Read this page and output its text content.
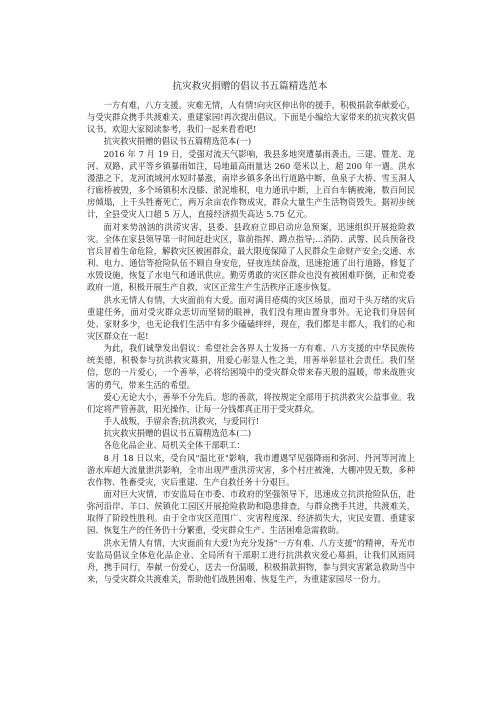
抗灾救灾捐赠的倡议书五篇精选范本

一方有难，八方支援。灾难无情，人有情!向灾区伸出你的援手，积极捐款奉献爱心，与受灾群众携手共渡难关、重建家园!再次提出倡议。下面是小编给大家带来的抗灾救灾倡议书，欢迎大家阅读参考，我们一起来看看吧!

抗灾救灾捐赠的倡议书五篇精选范本(一)

2016 年 7 月 19 日，受强对流天气影响，我县多地突遭暴雨袭击，三建、暨龙、龙河、双路、武平等乡镇暴雨如注，局地最高雨量达 260 毫米以上，超 200 年一遇。洪水漫漶之下，龙河流域河水短时暴涨，南岸乡镇多条出行道路中断，鱼泉子大桥、雪玉洞人行廊桥被毁，多个场镇积水没膝、淤泥堆积，电力通讯中断，上百台车辆被淹，数百间民房倾塌，上千头牲畜死亡，两万余亩农作物成灾，群众大量生产生活物资毁失。据初步统计，全县受灾人口超 5 万人，直接经济损失高达 5.75 亿元。

面对来势汹汹的洪涝灾害，县委、县政府立即启动应急预案，迅速组织开展抢险救灾。全体在家县领导第一时间赶赴灾区，靠前指挥、蹲点指导;...消防、武警、民兵预备役官兵冒着生命危险，解救灾区被困群众，最大限度保障了人民群众生命财产安全;交通、水利、电力、通信等抢险队伍不顾自身安危，昼夜连续奋战，迅速抢通了出行道路，修复了水毁设施，恢复了水电气和通讯供应。勤劳勇敢的灾区群众也没有被困难吓倒，正和党委政府一道，积极开展生产自救，灾区正常生产生活秩序正逐步恢复。

洪水无情人有情，大灾面前有大爱。面对满目疮痍的灾区场景，面对千头万绪的灾后重建任务，面对受灾群众悲切而坚韧的眼神，我们没有理由置身事外。无论我们身居何处、家财多少，也无论我们生活中有多少磕磕绊绊，现在，我们都是丰都人，我们的心和灾区群众在一起!

为此，我们诚挚发出倡议：希望社会各界人士发扬一方有难、八方支援的中华民族传统美德，积极参与抗洪救灾募捐，用爱心彰显人性之美，用善举彰显社会责任。我们坚信，您的一片爱心，一个善举，必将给困境中的受灾群众带来春天般的温暖，带来战胜灾害的勇气，带来生活的希望。

爱心无论大小，善举不分先后。您的善款，将按规定全部用于抗洪救灾公益事业。我们定将严管善款，阳光操作，让每一分钱都真正用于受灾群众。

手人战叛，手留余香;抗洪救灾，与爱同行!

抗灾救灾捐赠的倡议书五篇精选范本(二)

各危化品企业、局机关全体干部职工：

8 月 18 日以来，受台风"温比亚"影响，我市遭遇罕见强降雨和弥河、丹河等河流上游水库超大流量泄洪影响，全市出现严重洪涝灾害，多个村庄被淹，大棚冲毁无数，多种农作物、牲畜受灾，灾后重建、生产自救任务十分艰巨。

面对巨大灾情，市安监局在市委、市政府的坚强领导下，迅速成立抗洪抢险队伍，赴弥河沿岸、羊口、侯镇化工园区开展抢险救助和隐患排查，与群众携手共进，共渡难关，取得了阶段性胜利。由于全市灾区范围广、灾害程度深、经济损失大，灾民安置、重建家园、恢复生产的任务仍十分繁重，受灾群众生产、生活困难急需救助。

洪水无情人有情，大灾面前有大爱!为充分发扬"一方有难、八方支援"的精神，寿光市安监局倡议全体危化品企业、全局所有干部职工进行抗洪救灾爱心募捐，让我们风雨同舟，携手同行，奉献一份爱心，送去一份温暖，积极捐款捐物，参与到灾害紧急救助当中来，与受灾群众共渡难关，帮助他们战胜困难、恢复生产，为重建家园尽一份力。
